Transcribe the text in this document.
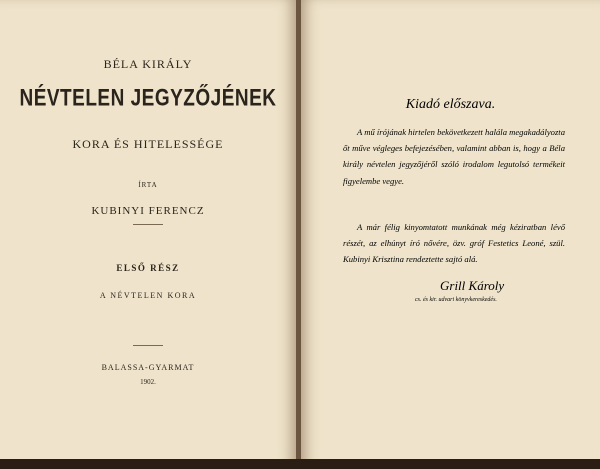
BÉLA KIRÁLY
NÉVTELEN JEGYZŐJÉNEK
KORA ÉS HITELESSÉGE
ÍRTA
KUBINYI FERENCZ
ELSŐ RÉSZ
A NÉVTELEN KORA
BALASSA-GYARMAT
1902.
Kiadó előszava.
A mű írójának hirtelen bekövetkezett halála megakadályozta őt műve végleges befejezésében, valamint abban is, hogy a Béla király névtelen jegyzőjéről szóló irodalom legutolsó termékeit figyelembe vegye.
A már félig kinyomtatott munkának még kéziratban lévő részét, az elhúnyt író nővére, özv. gróf Festetics Leoné, szül. Kubinyi Krisztina rendeztette sajtó alá.
Grill Károly
cs. és kir. udvari könyvkereskedés.
